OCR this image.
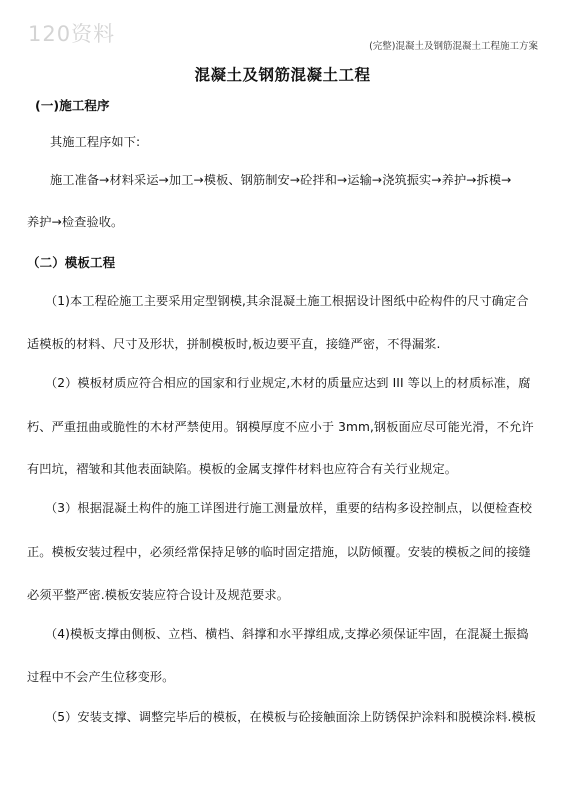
120资料
(完整)混凝土及钢筋混凝土工程施工方案
混凝土及钢筋混凝土工程
(一)施工程序
其施工程序如下:
施工准备→材料采运→加工→模板、钢筋制安→砼拌和→运输→浇筑振实→养护→拆模→
养护→检查验收。
（二）模板工程
（1)本工程砼施工主要采用定型钢模,其余混凝土施工根据设计图纸中砼构件的尺寸确定合
适模板的材料、尺寸及形状，拼制模板时,板边要平直，接缝严密，不得漏浆.
（2）模板材质应符合相应的国家和行业规定,木材的质量应达到 III 等以上的材质标准，腐
朽、严重扭曲或脆性的木材严禁使用。钢模厚度不应小于 3mm,钢板面应尽可能光滑，不允许
有凹坑，褶皱和其他表面缺陷。模板的金属支撑件材料也应符合有关行业规定。
（3）根据混凝土构件的施工详图进行施工测量放样，重要的结构多设控制点，以便检查校
正。模板安装过程中，必须经常保持足够的临时固定措施，以防倾覆。安装的模板之间的接缝
必须平整严密.模板安装应符合设计及规范要求。
（4)模板支撑由侧板、立档、横档、斜撑和水平撑组成,支撑必须保证牢固，在混凝土振捣
过程中不会产生位移变形。
（5）安装支撑、调整完毕后的模板，在模板与砼接触面涂上防锈保护涂料和脱模涂料.模板
